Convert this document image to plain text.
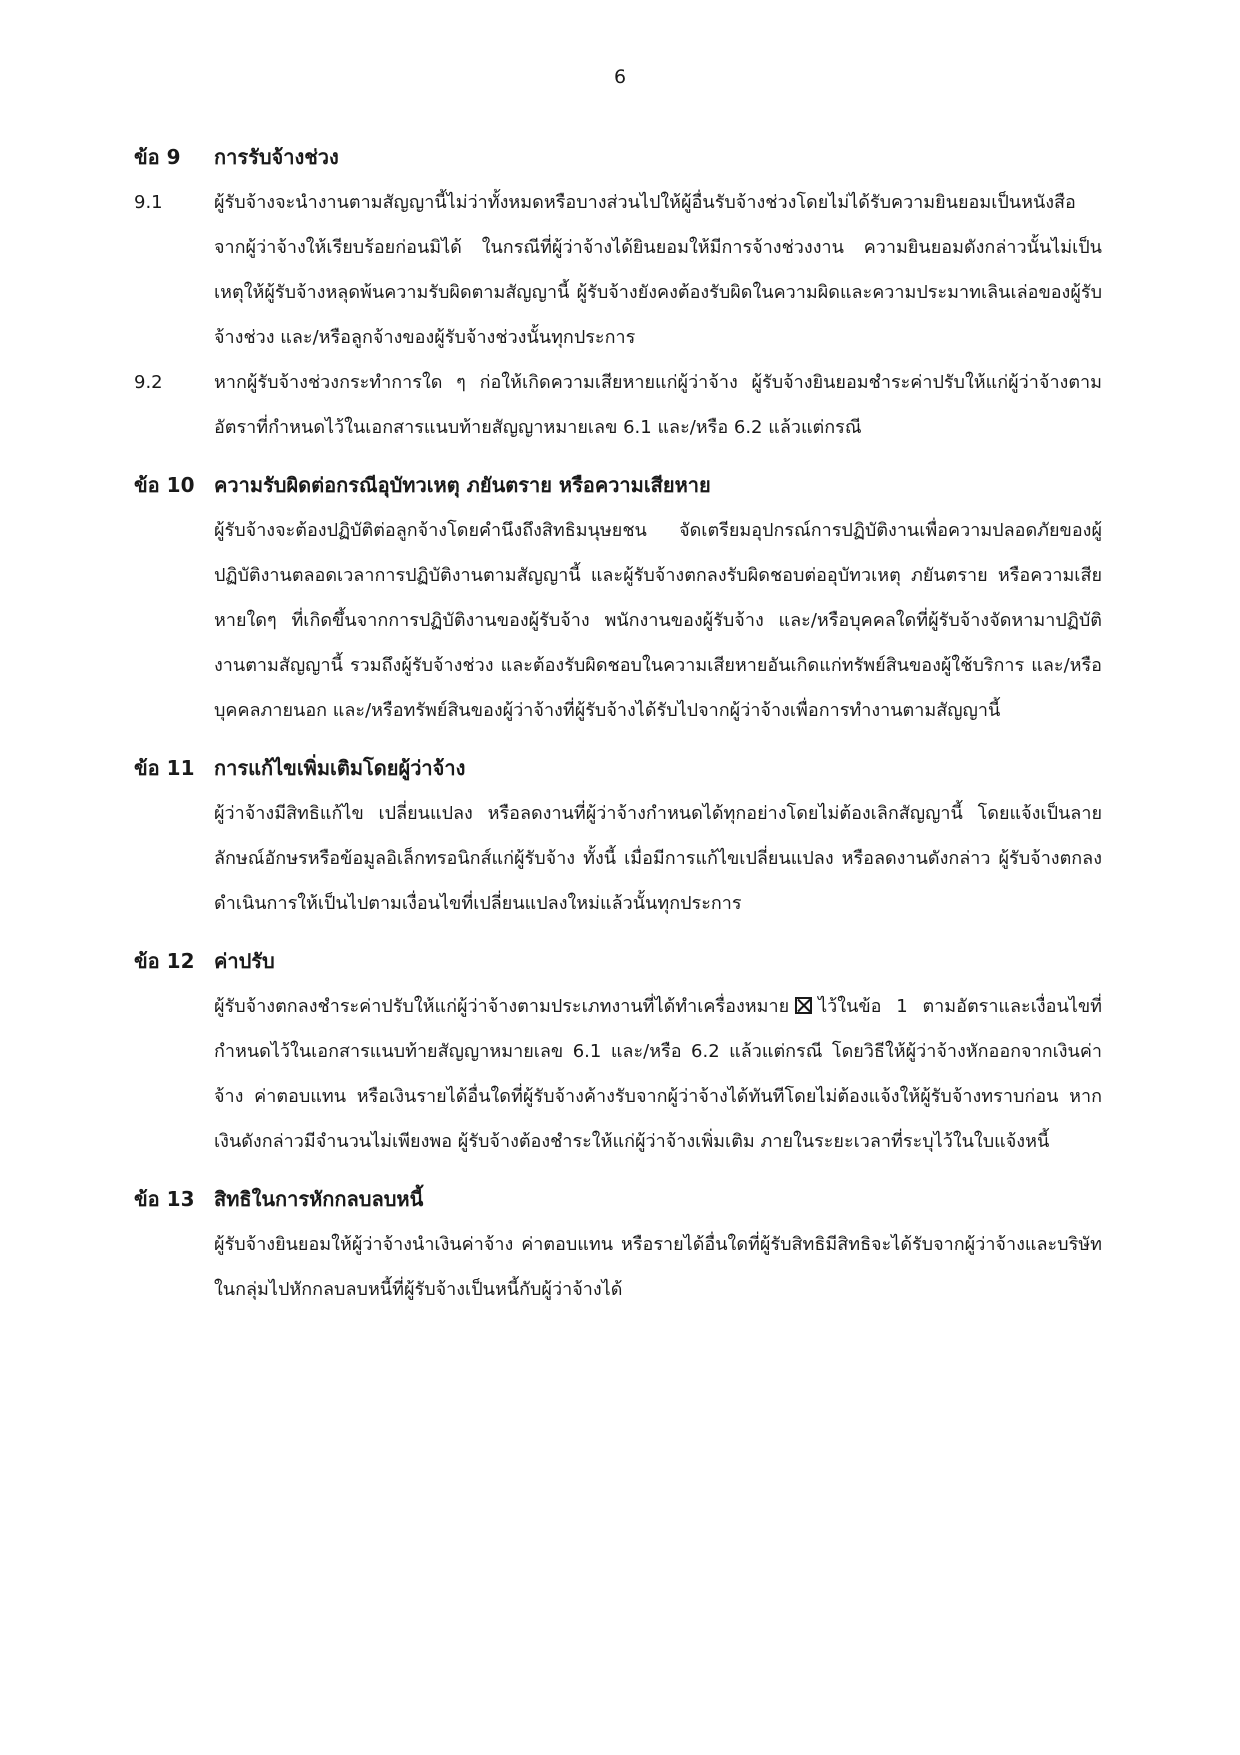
6
ข้อ 9	การรับจ้างช่วง
9.1	ผู้รับจ้างจะนำงานตามสัญญานี้ไม่ว่าทั้งหมดหรือบางส่วนไปให้ผู้อื่นรับจ้างช่วงโดยไม่ได้รับความยินยอมเป็นหนังสือจากผู้ว่าจ้างให้เรียบร้อยก่อนมิได้ ในกรณีที่ผู้ว่าจ้างได้ยินยอมให้มีการจ้างช่วงงาน ความยินยอมดังกล่าวนั้นไม่เป็นเหตุให้ผู้รับจ้างหลุดพ้นความรับผิดตามสัญญานี้ ผู้รับจ้างยังคงต้องรับผิดในความผิดและความประมาทเลินเล่อของผู้รับจ้างช่วง และ/หรือลูกจ้างของผู้รับจ้างช่วงนั้นทุกประการ
9.2	หากผู้รับจ้างช่วงกระทำการใด ๆ ก่อให้เกิดความเสียหายแก่ผู้ว่าจ้าง ผู้รับจ้างยินยอมชำระค่าปรับให้แก่ผู้ว่าจ้างตามอัตราที่กำหนดไว้ในเอกสารแนบท้ายสัญญาหมายเลข 6.1 และ/หรือ 6.2 แล้วแต่กรณี
ข้อ 10 ความรับผิดต่อกรณีอุบัทวเหตุ ภยันตราย หรือความเสียหาย
ผู้รับจ้างจะต้องปฏิบัติต่อลูกจ้างโดยคำนึงถึงสิทธิมนุษยชน จัดเตรียมอุปกรณ์การปฏิบัติงานเพื่อความปลอดภัยของผู้ปฏิบัติงานตลอดเวลาการปฏิบัติงานตามสัญญานี้ และผู้รับจ้างตกลงรับผิดชอบต่ออุบัทวเหตุ ภยันตราย หรือความเสียหายใดๆ ที่เกิดขึ้นจากการปฏิบัติงานของผู้รับจ้าง พนักงานของผู้รับจ้าง และ/หรือบุคคลใดที่ผู้รับจ้างจัดหามาปฏิบัติงานตามสัญญานี้ รวมถึงผู้รับจ้างช่วง และต้องรับผิดชอบในความเสียหายอันเกิดแก่ทรัพย์สินของผู้ใช้บริการ และ/หรือบุคคลภายนอก และ/หรือทรัพย์สินของผู้ว่าจ้างที่ผู้รับจ้างได้รับไปจากผู้ว่าจ้างเพื่อการทำงานตามสัญญานี้
ข้อ 11 การแก้ไขเพิ่มเติมโดยผู้ว่าจ้าง
ผู้ว่าจ้างมีสิทธิแก้ไข เปลี่ยนแปลง หรือลดงานที่ผู้ว่าจ้างกำหนดได้ทุกอย่างโดยไม่ต้องเลิกสัญญานี้ โดยแจ้งเป็นลายลักษณ์อักษรหรือข้อมูลอิเล็กทรอนิกส์แก่ผู้รับจ้าง ทั้งนี้ เมื่อมีการแก้ไขเปลี่ยนแปลง หรือลดงานดังกล่าว ผู้รับจ้างตกลงดำเนินการให้เป็นไปตามเงื่อนไขที่เปลี่ยนแปลงใหม่แล้วนั้นทุกประการ
ข้อ 12 ค่าปรับ
ผู้รับจ้างตกลงชำระค่าปรับให้แก่ผู้ว่าจ้างตามประเภทงานที่ได้ทำเครื่องหมาย ไว้ในข้อ 1 ตามอัตราและเงื่อนไขที่กำหนดไว้ในเอกสารแนบท้ายสัญญาหมายเลข 6.1 และ/หรือ 6.2 แล้วแต่กรณี โดยวิธีให้ผู้ว่าจ้างหักออกจากเงินค่าจ้าง ค่าตอบแทน หรือเงินรายได้อื่นใดที่ผู้รับจ้างค้างรับจากผู้ว่าจ้างได้ทันทีโดยไม่ต้องแจ้งให้ผู้รับจ้างทราบก่อน หากเงินดังกล่าวมีจำนวนไม่เพียงพอ ผู้รับจ้างต้องชำระให้แก่ผู้ว่าจ้างเพิ่มเติม ภายในระยะเวลาที่ระบุไว้ในใบแจ้งหนี้
ข้อ 13 สิทธิในการหักกลบลบหนี้
ผู้รับจ้างยินยอมให้ผู้ว่าจ้างนำเงินค่าจ้าง ค่าตอบแทน หรือรายได้อื่นใดที่ผู้รับสิทธิมีสิทธิจะได้รับจากผู้ว่าจ้างและบริษัทในกลุ่มไปหักกลบลบหนี้ที่ผู้รับจ้างเป็นหนี้กับผู้ว่าจ้างได้
